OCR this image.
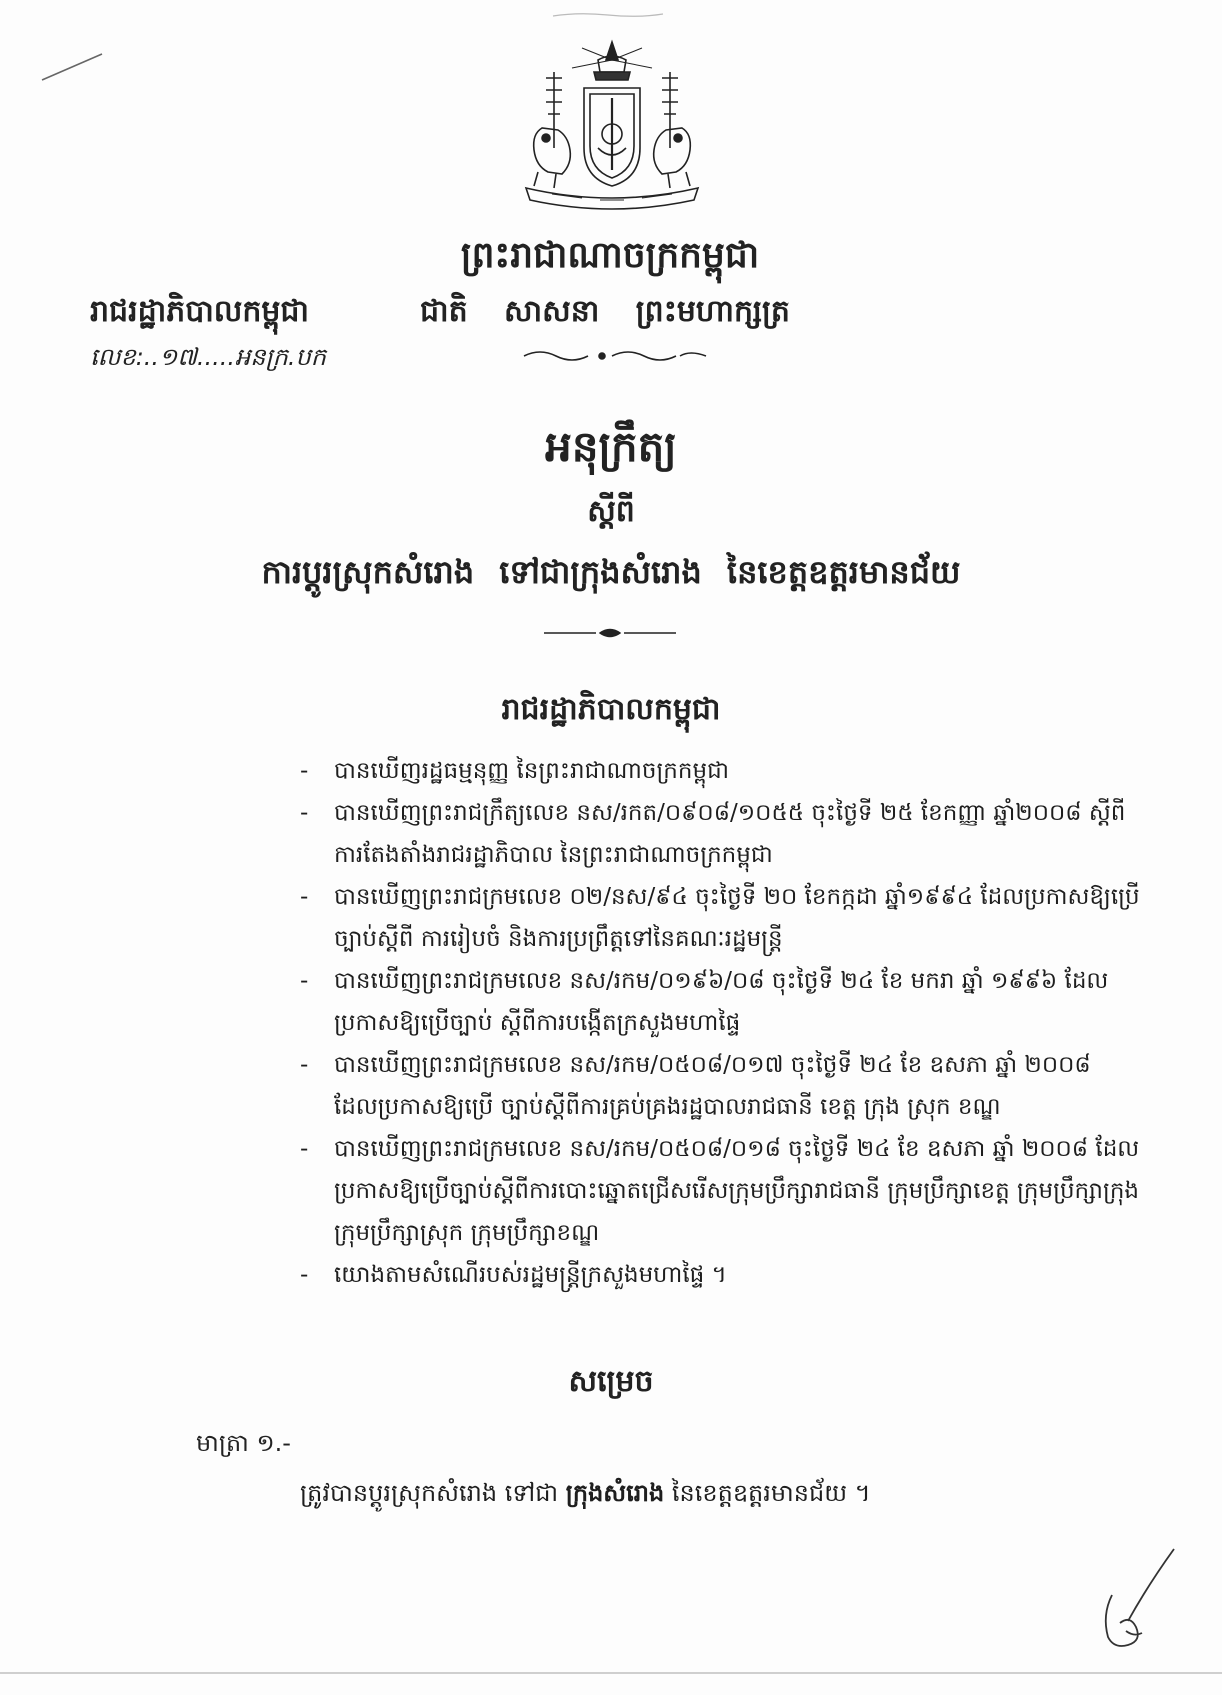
ព្រះរាជាណាចក្រកម្ពុជា
រាជរដ្ឋាភិបាលកម្ពុជា	ជាតិ សាសនា ព្រះមហាក្សត្រ
លេខ:..១៧.....អនក្រ.បក
អនុក្រឹត្យ
ស្តីពី
ការប្តូរស្រុកសំរោង ទៅជាក្រុងសំរោង នៃខេត្តឧត្តរមានជ័យ
រាជរដ្ឋាភិបាលកម្ពុជា
- បានឃើញរដ្ឋធម្មនុញ្ញ នៃព្រះរាជាណាចក្រកម្ពុជា
- បានឃើញព្រះរាជក្រឹត្យលេខ នស/រកត/០៩០៨/១០៥៥ ចុះថ្ងៃទី ២៥ ខែកញ្ញា ឆ្នាំ២០០៨ ស្តីពីការតែងតាំងរាជរដ្ឋាភិបាល នៃព្រះរាជាណាចក្រកម្ពុជា
- បានឃើញព្រះរាជក្រមលេខ ០២/នស/៩៤ ចុះថ្ងៃទី ២០ ខែកក្កដា ឆ្នាំ១៩៩៤ ដែលប្រកាសឱ្យប្រើច្បាប់ស្តីពី ការរៀបចំ និងការប្រព្រឹត្តទៅនៃគណៈរដ្ឋមន្ត្រី
- បានឃើញព្រះរាជក្រមលេខ នស/រកម/០១៩៦/០៨ ចុះថ្ងៃទី ២៤ ខែ មករា ឆ្នាំ ១៩៩៦ ដែលប្រកាសឱ្យប្រើច្បាប់ ស្តីពីការបង្កើតក្រសួងមហាផ្ទៃ
- បានឃើញព្រះរាជក្រមលេខ នស/រកម/០៥០៨/០១៧ ចុះថ្ងៃទី ២៤ ខែ ឧសភា ឆ្នាំ ២០០៨ ដែលប្រកាសឱ្យប្រើ ច្បាប់ស្តីពីការគ្រប់គ្រងរដ្ឋបាលរាជធានី ខេត្ត ក្រុង ស្រុក ខណ្ឌ
- បានឃើញព្រះរាជក្រមលេខ នស/រកម/០៥០៨/០១៨ ចុះថ្ងៃទី ២៤ ខែ ឧសភា ឆ្នាំ ២០០៨ ដែលប្រកាសឱ្យប្រើច្បាប់ស្តីពីការបោះឆ្នោតជ្រើសរើសក្រុមប្រឹក្សារាជធានី ក្រុមប្រឹក្សាខេត្ត ក្រុមប្រឹក្សាក្រុង ក្រុមប្រឹក្សាស្រុក ក្រុមប្រឹក្សាខណ្ឌ
- យោងតាមសំណើរបស់រដ្ឋមន្ត្រីក្រសួងមហាផ្ទៃ ។
សម្រេច
មាត្រា ១.-
ត្រូវបានប្តូរស្រុកសំរោង ទៅជា ក្រុងសំរោង នៃខេត្តឧត្តរមានជ័យ ។
